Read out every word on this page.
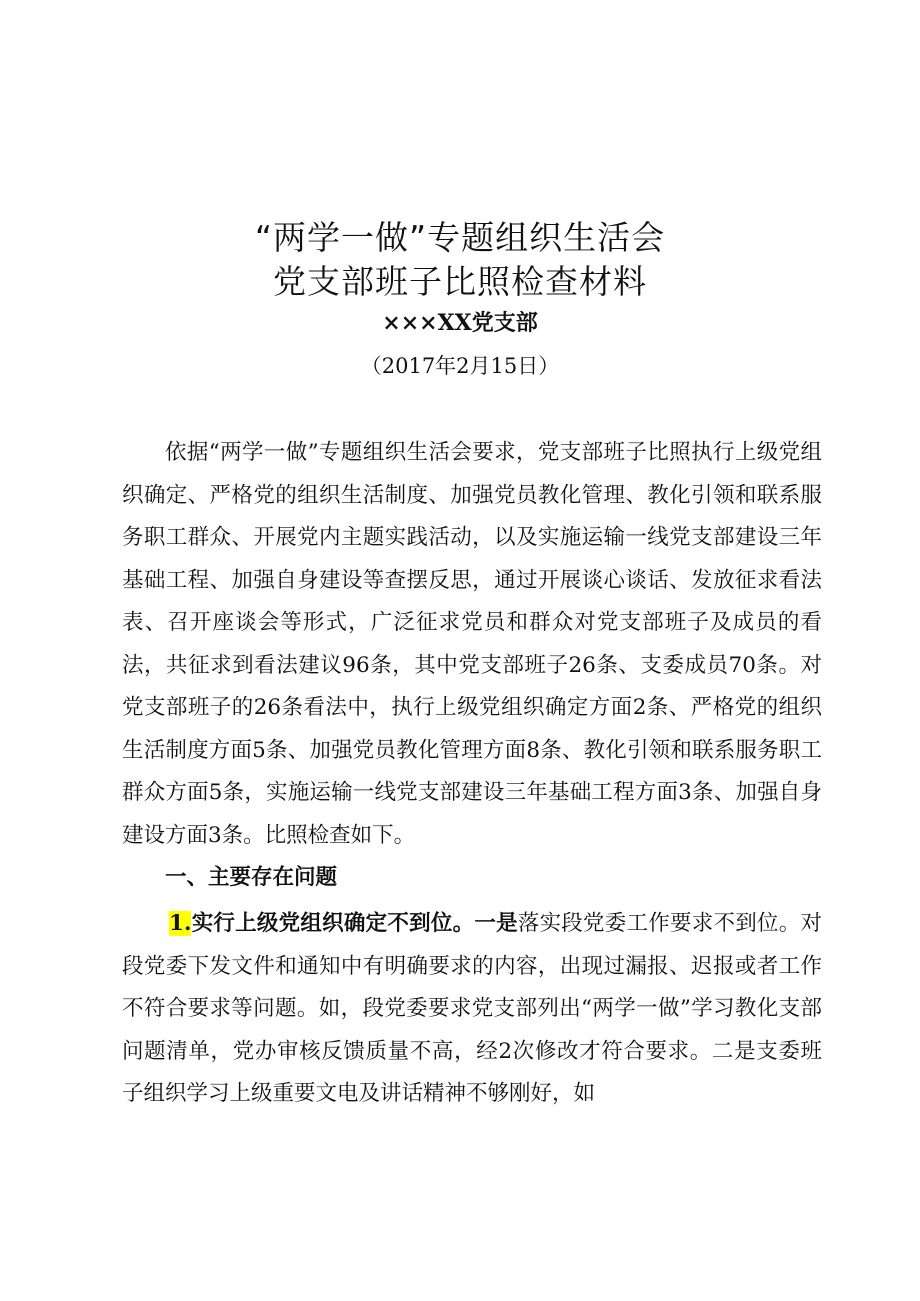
“两学一做”专题组织生活会
党支部班子比照检查材料
×××XX党支部
（2017年2月15日）
依据“两学一做”专题组织生活会要求，党支部班子比照执行上级党组织确定、严格党的组织生活制度、加强党员教化管理、教化引领和联系服务职工群众、开展党内主题实践活动，以及实施运输一线党支部建设三年基础工程、加强自身建设等查摆反思，通过开展谈心谈话、发放征求看法表、召开座谈会等形式，广泛征求党员和群众对党支部班子及成员的看法，共征求到看法建议96条，其中党支部班子26条、支委成员70条。对党支部班子的26条看法中，执行上级党组织确定方面2条、严格党的组织生活制度方面5条、加强党员教化管理方面8条、教化引领和联系服务职工群众方面5条，实施运输一线党支部建设三年基础工程方面3条、加强自身建设方面3条。比照检查如下。
一、主要存在问题
1.实行上级党组织确定不到位。一是落实段党委工作要求不到位。对段党委下发文件和通知中有明确要求的内容，出现过漏报、迟报或者工作不符合要求等问题。如，段党委要求党支部列出“两学一做”学习教化支部问题清单，党办审核反馈质量不高，经2次修改才符合要求。二是支委班子组织学习上级重要文电及讲话精神不够刚好，如
